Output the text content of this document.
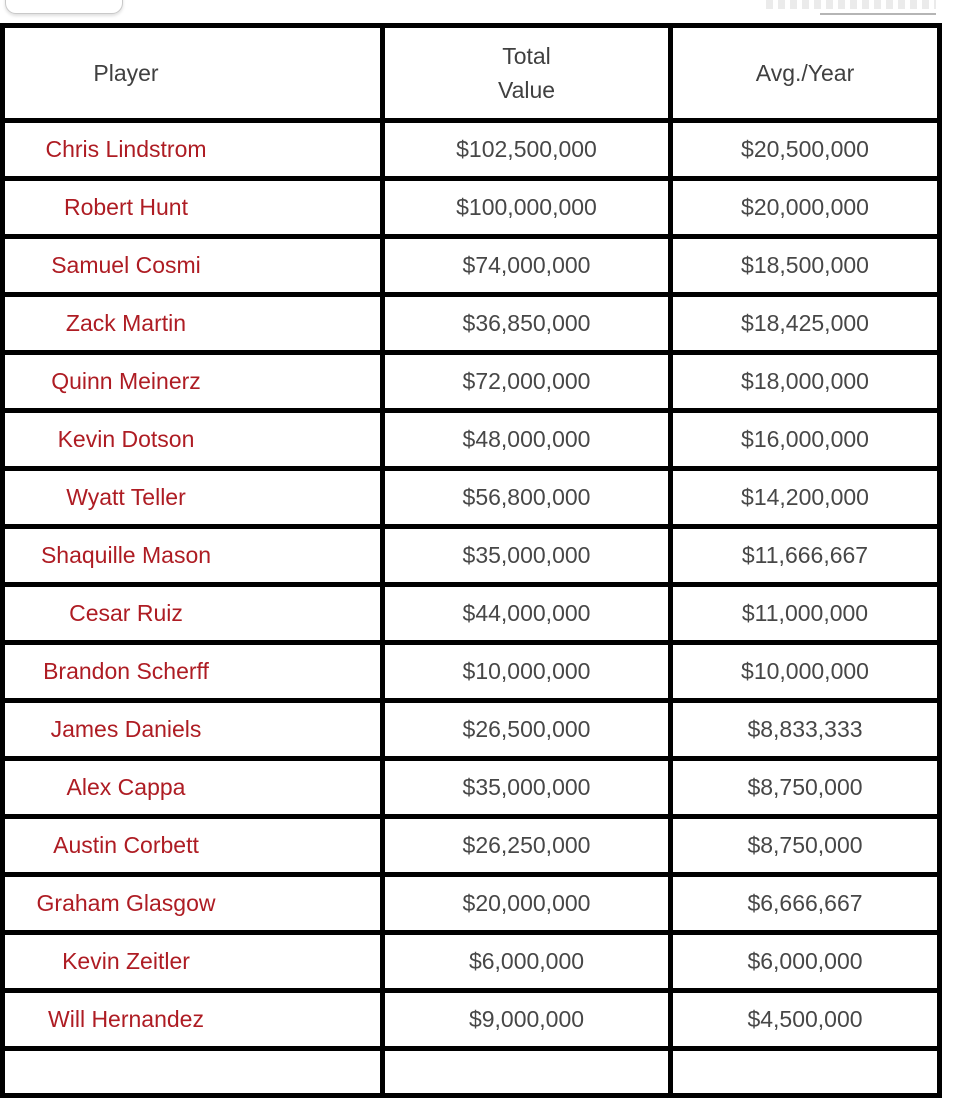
Player	Total Value	Avg./Year
Chris Lindstrom	$102,500,000	$20,500,000
Robert Hunt	$100,000,000	$20,000,000
Samuel Cosmi	$74,000,000	$18,500,000
Zack Martin	$36,850,000	$18,425,000
Quinn Meinerz	$72,000,000	$18,000,000
Kevin Dotson	$48,000,000	$16,000,000
Wyatt Teller	$56,800,000	$14,200,000
Shaquille Mason	$35,000,000	$11,666,667
Cesar Ruiz	$44,000,000	$11,000,000
Brandon Scherff	$10,000,000	$10,000,000
James Daniels	$26,500,000	$8,833,333
Alex Cappa	$35,000,000	$8,750,000
Austin Corbett	$26,250,000	$8,750,000
Graham Glasgow	$20,000,000	$6,666,667
Kevin Zeitler	$6,000,000	$6,000,000
Will Hernandez	$9,000,000	$4,500,000
